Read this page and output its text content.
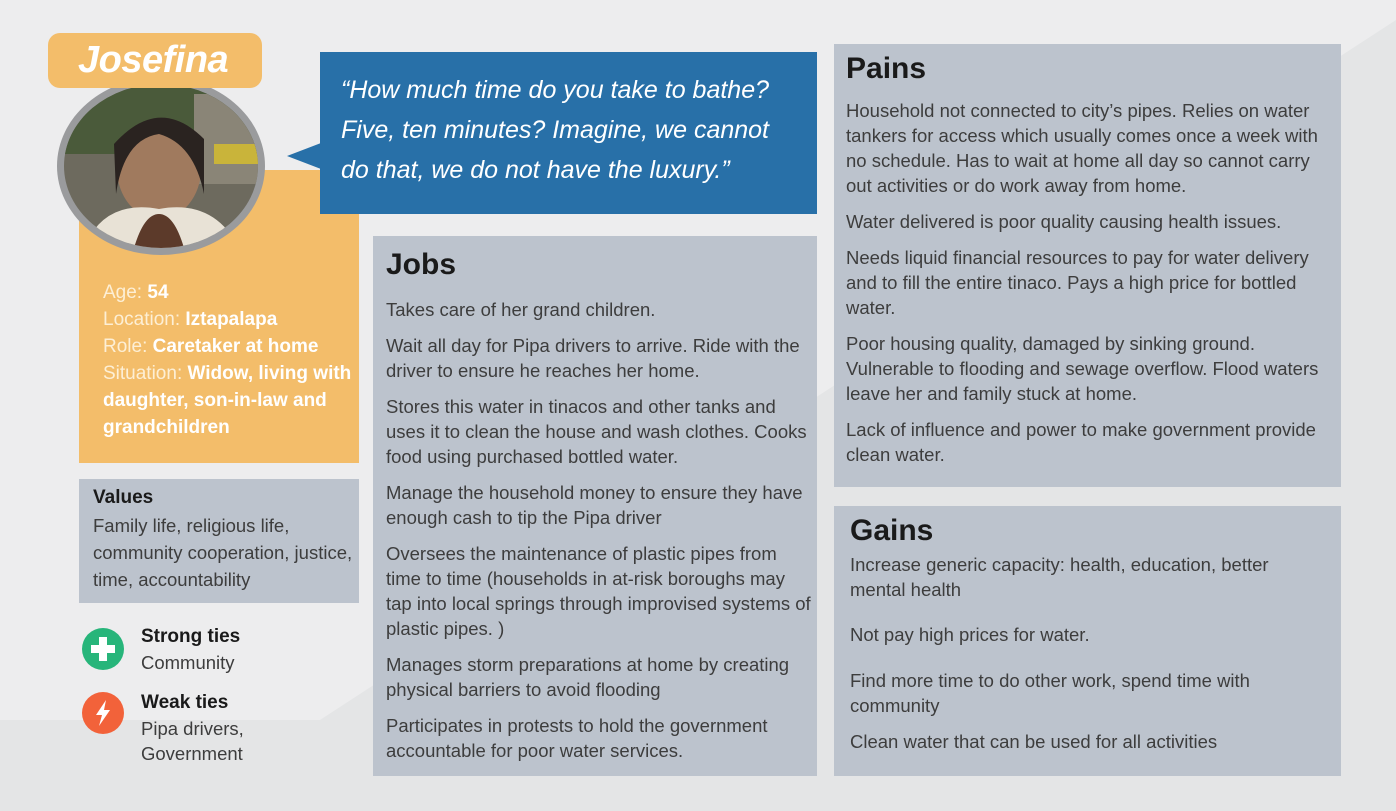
Josefina
Age: 54
Location: Iztapalapa
Role: Caretaker at home
Situation: Widow, living with daughter, son-in-law and grandchildren
“How much time do you take to bathe? Five, ten minutes? Imagine, we cannot do that, we do not have the luxury.”
Values
Family life, religious life, community cooperation, justice, time, accountability
Strong ties
Community
Weak ties
Pipa drivers, Government
Jobs

Takes care of her grand children.

Wait all day for Pipa drivers to arrive. Ride with the driver to ensure he reaches her home.

Stores this water in tinacos and other tanks and uses it to clean the house and wash clothes. Cooks food using purchased bottled water.

Manage the household money to ensure they have enough cash to tip the Pipa driver

Oversees the maintenance of plastic pipes from time to time (households in at-risk boroughs may tap into local springs through improvised systems of plastic pipes. )

Manages storm preparations at home by creating physical barriers to avoid flooding

Participates in protests to hold the government accountable for poor water services.

Pains

Household not connected to city’s pipes. Relies on water tankers for access which usually comes once a week with no schedule. Has to wait at home all day so cannot carry out activities or do work away from home.

Water delivered is poor quality causing health issues.

Needs liquid financial resources to pay for water delivery and to fill the entire tinaco. Pays a high price for bottled water.

Poor housing quality, damaged by sinking ground. Vulnerable to flooding and sewage overflow. Flood waters leave her and family stuck at home.

Lack of influence and power to make government provide clean water.

Gains

Increase generic capacity: health, education, better mental health

Not pay high prices for water.

Find more time to do other work, spend time with community

Clean water that can be used for all activities
